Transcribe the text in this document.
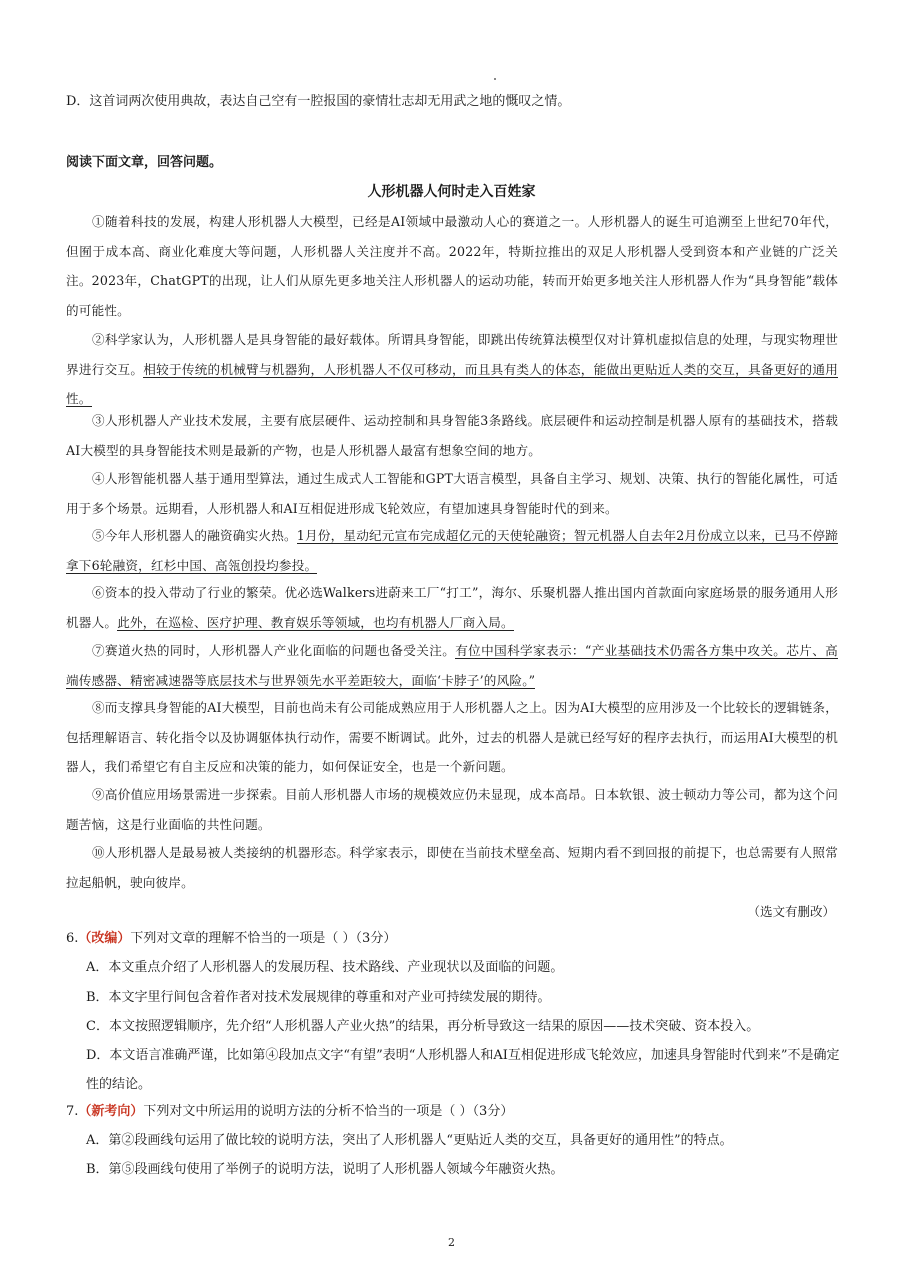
D．这首词两次使用典故，表达自己空有一腔报国的豪情壮志却无用武之地的慨叹之情。
阅读下面文章，回答问题。
人形机器人何时走入百姓家
①随着科技的发展，构建人形机器人大模型，已经是AI领域中最激动人心的赛道之一。人形机器人的诞生可追溯至上世纪70年代，但囿于成本高、商业化难度大等问题，人形机器人关注度并不高。2022年，特斯拉推出的双足人形机器人受到资本和产业链的广泛关注。2023年，ChatGPT的出现，让人们从原先更多地关注人形机器人的运动功能，转而开始更多地关注人形机器人作为“具身智能”载体的可能性。
②科学家认为，人形机器人是具身智能的最好载体。所谓具身智能，即跳出传统算法模型仅对计算机虚拟信息的处理，与现实物理世界进行交互。相较于传统的机械臂与机器狗，人形机器人不仅可移动，而且具有类人的体态，能做出更贴近人类的交互，具备更好的通用性。
③人形机器人产业技术发展，主要有底层硬件、运动控制和具身智能3条路线。底层硬件和运动控制是机器人原有的基础技术，搭载AI大模型的具身智能技术则是最新的产物，也是人形机器人最富有想象空间的地方。
④人形智能机器人基于通用型算法，通过生成式人工智能和GPT大语言模型，具备自主学习、规划、决策、执行的智能化属性，可适用于多个场景。远期看，人形机器人和AI互相促进形成飞轮效应，有望加速具身智能时代的到来。
⑤今年人形机器人的融资确实火热。1月份，星动纪元宣布完成超亿元的天使轮融资；智元机器人自去年2月份成立以来，已马不停蹄拿下6轮融资，红杉中国、高瓴创投均参投。
⑥资本的投入带动了行业的繁荣。优必选Walkers进蔚来工厂“打工”，海尔、乐聚机器人推出国内首款面向家庭场景的服务通用人形机器人。此外，在巡检、医疗护理、教育娱乐等领域，也均有机器人厂商入局。
⑦赛道火热的同时，人形机器人产业化面临的问题也备受关注。有位中国科学家表示：“产业基础技术仍需各方集中攻关。芯片、高端传感器、精密减速器等底层技术与世界领先水平差距较大，面临‘卡脖子’的风险。”
⑧而支撑具身智能的AI大模型，目前也尚未有公司能成熟应用于人形机器人之上。因为AI大模型的应用涉及一个比较长的逻辑链条，包括理解语言、转化指令以及协调躯体执行动作，需要不断调试。此外，过去的机器人是就已经写好的程序去执行，而运用AI大模型的机器人，我们希望它有自主反应和决策的能力，如何保证安全，也是一个新问题。
⑨高价值应用场景需进一步探索。目前人形机器人市场的规模效应仍未显现，成本高昂。日本软银、波士顿动力等公司，都为这个问题苦恼，这是行业面临的共性问题。
⑩人形机器人是最易被人类接纳的机器形态。科学家表示，即使在当前技术壁垒高、短期内看不到回报的前提下，也总需要有人照常拉起船帆，驶向彼岸。
（选文有删改）
6.（改编）下列对文章的理解不恰当的一项是（ ）（3分）
A．本文重点介绍了人形机器人的发展历程、技术路线、产业现状以及面临的问题。
B．本文字里行间包含着作者对技术发展规律的尊重和对产业可持续发展的期待。
C．本文按照逻辑顺序，先介绍“人形机器人产业火热”的结果，再分析导致这一结果的原因——技术突破、资本投入。
D．本文语言准确严谨，比如第④段加点文字“有望”表明“人形机器人和AI互相促进形成飞轮效应，加速具身智能时代到来”不是确定性的结论。
7.（新考向）下列对文中所运用的说明方法的分析不恰当的一项是（ ）（3分）
A．第②段画线句运用了做比较的说明方法，突出了人形机器人“更贴近人类的交互，具备更好的通用性”的特点。
B．第⑤段画线句使用了举例子的说明方法，说明了人形机器人领域今年融资火热。
2
